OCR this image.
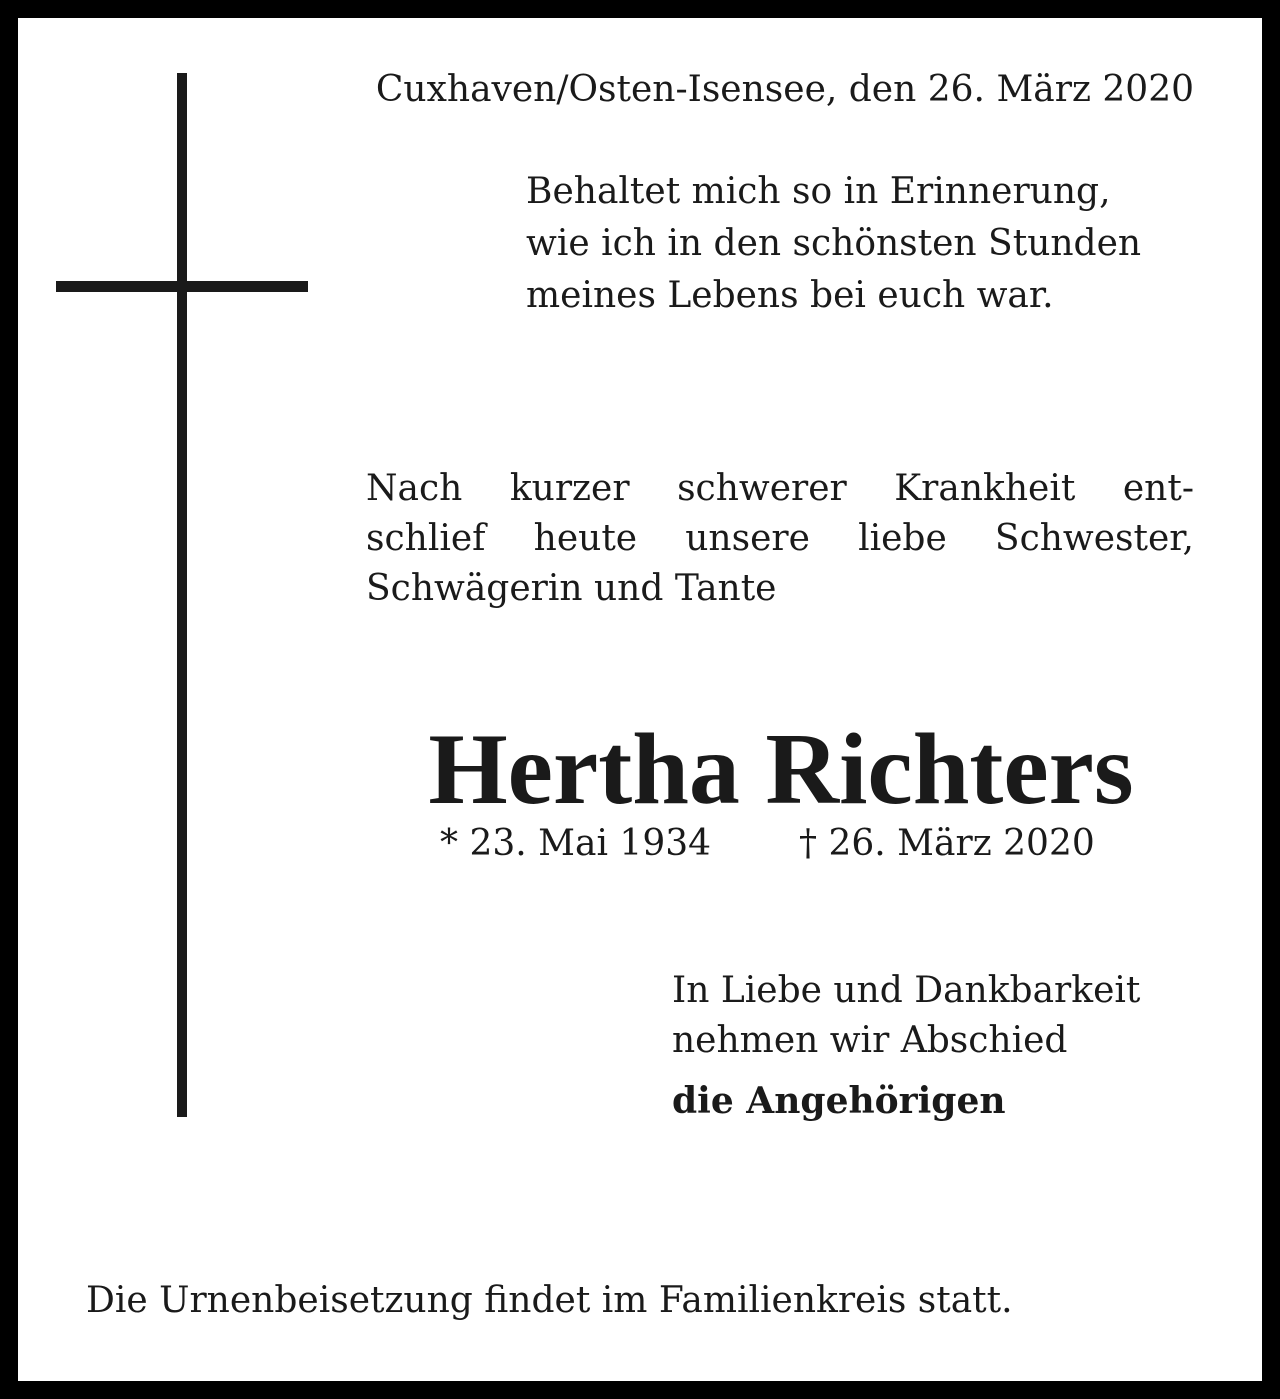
Cuxhaven/Osten-Isensee, den 26. März 2020
Behaltet mich so in Erinnerung,
wie ich in den schönsten Stunden
meines Lebens bei euch war.
Nach kurzer schwerer Krankheit ent-
schlief heute unsere liebe Schwester,
Schwägerin und Tante
Hertha Richters
* 23. Mai 1934 † 26. März 2020
In Liebe und Dankbarkeit
nehmen wir Abschied
die Angehörigen
Die Urnenbeisetzung findet im Familienkreis statt.
